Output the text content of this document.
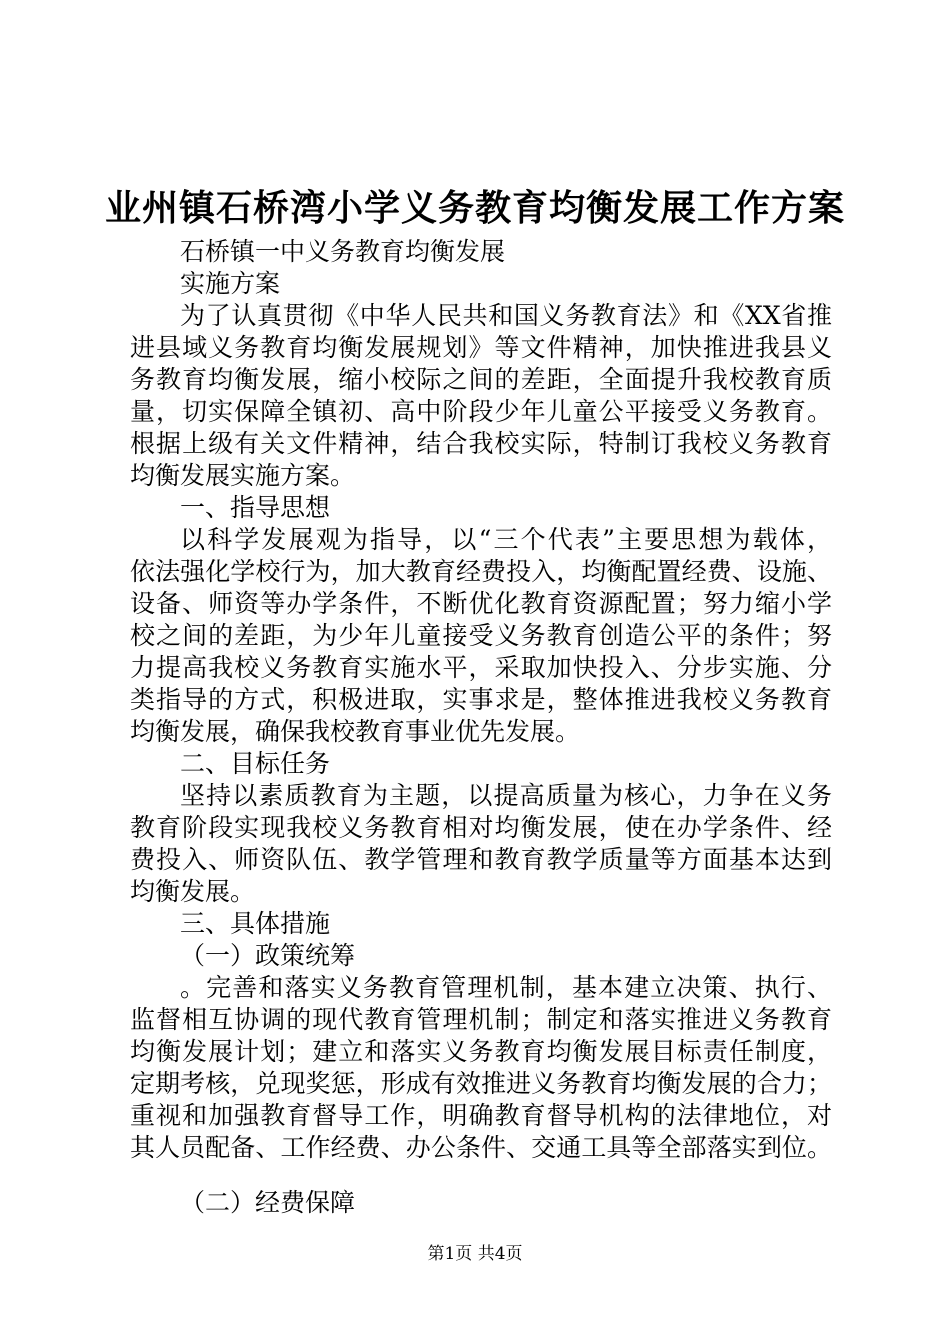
业州镇石桥湾小学义务教育均衡发展工作方案
石桥镇一中义务教育均衡发展
实施方案
为了认真贯彻《中华人民共和国义务教育法》和《XX省推
进县域义务教育均衡发展规划》等文件精神，加快推进我县义
务教育均衡发展，缩小校际之间的差距，全面提升我校教育质
量，切实保障全镇初、高中阶段少年儿童公平接受义务教育。
根据上级有关文件精神，结合我校实际，特制订我校义务教育
均衡发展实施方案。
一、指导思想
以科学发展观为指导，以“三个代表”主要思想为载体，
依法强化学校行为，加大教育经费投入，均衡配置经费、设施、
设备、师资等办学条件，不断优化教育资源配置；努力缩小学
校之间的差距，为少年儿童接受义务教育创造公平的条件；努
力提高我校义务教育实施水平，采取加快投入、分步实施、分
类指导的方式，积极进取，实事求是，整体推进我校义务教育
均衡发展，确保我校教育事业优先发展。
二、目标任务
坚持以素质教育为主题，以提高质量为核心，力争在义务
教育阶段实现我校义务教育相对均衡发展，使在办学条件、经
费投入、师资队伍、教学管理和教育教学质量等方面基本达到
均衡发展。
三、具体措施
（一）政策统筹
。完善和落实义务教育管理机制，基本建立决策、执行、
监督相互协调的现代教育管理机制；制定和落实推进义务教育
均衡发展计划；建立和落实义务教育均衡发展目标责任制度，
定期考核，兑现奖惩，形成有效推进义务教育均衡发展的合力；
重视和加强教育督导工作，明确教育督导机构的法律地位，对
其人员配备、工作经费、办公条件、交通工具等全部落实到位。
（二）经费保障
第1页 共4页
